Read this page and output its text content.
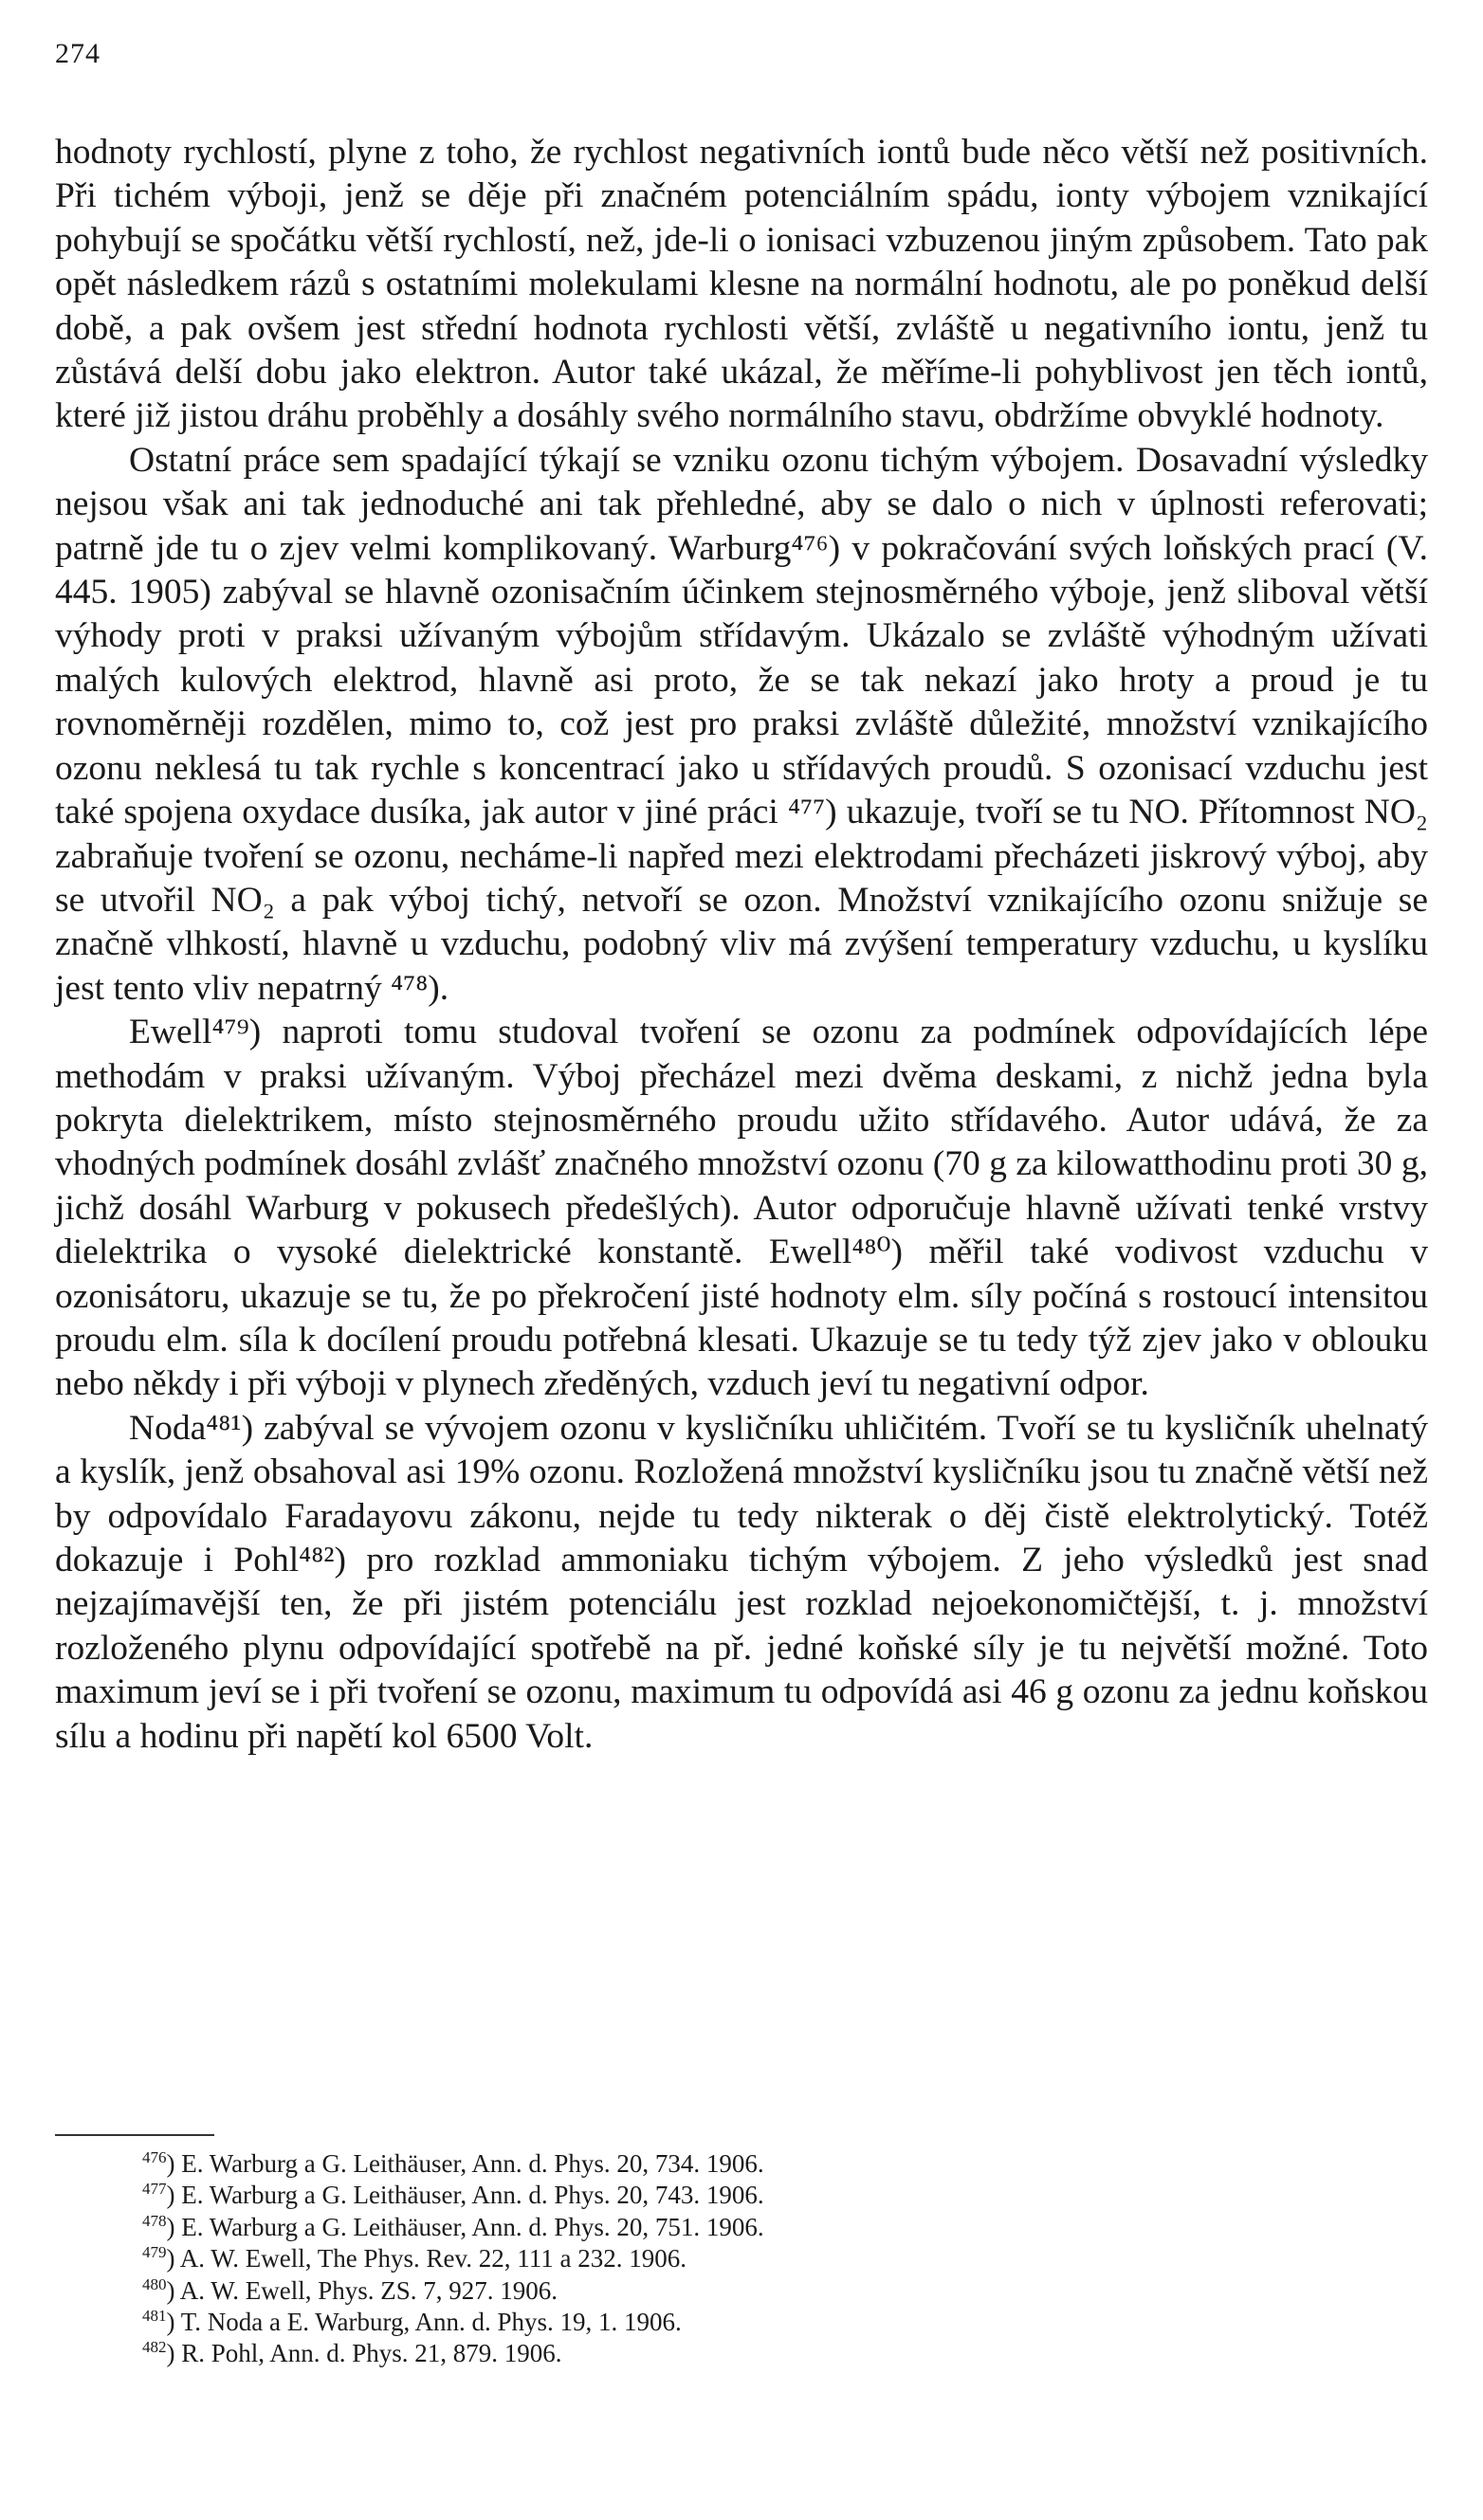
274

hodnoty rychlostí, plyne z toho, že rychlost negativních iontů bude něco větší než positivních. Při tichém výboji, jenž se děje při značném potenciálním spádu, ionty výbojem vznikající pohybují se spočátku větší rychlostí, než, jde-li o ionisaci vzbuzenou jiným způsobem. Tato pak opět následkem rázů s ostatními molekulami klesne na normální hodnotu, ale po poněkud delší době, a pak ovšem jest střední hodnota rychlosti větší, zvláště u negativního iontu, jenž tu zůstává delší dobu jako elektron. Autor také ukázal, že měříme-li pohyblivost jen těch iontů, které již jistou dráhu proběhly a dosáhly svého normálního stavu, obdržíme obvyklé hodnoty.

Ostatní práce sem spadající týkají se vzniku ozonu tichým výbojem. Dosavadní výsledky nejsou však ani tak jednoduché ani tak přehledné, aby se dalo o nich v úplnosti referovati; patrně jde tu o zjev velmi komplikovaný. Warburg⁴⁷⁶) v pokračování svých loňských prací (V. 445. 1905) zabýval se hlavně ozonisačním účinkem stejnosměrného výboje, jenž sliboval větší výhody proti v praksi užívaným výbojům střídavým. Ukázalo se zvláště výhodným užívati malých kulových elektrod, hlavně asi proto, že se tak nekazí jako hroty a proud je tu rovnoměrněji rozdělen, mimo to, což jest pro praksi zvláště důležité, množství vznikajícího ozonu neklesá tu tak rychle s koncentrací jako u střídavých proudů. S ozonisací vzduchu jest také spojena oxydace dusíka, jak autor v jiné práci ⁴⁷⁷) ukazuje, tvoří se tu NO. Přítomnost NO₂ zabraňuje tvoření se ozonu, necháme-li napřed mezi elektrodami přecházeti jiskrový výboj, aby se utvořil NO₂ a pak výboj tichý, netvoří se ozon. Množství vznikajícího ozonu snižuje se značně vlhkostí, hlavně u vzduchu, podobný vliv má zvýšení temperatury vzduchu, u kyslíku jest tento vliv nepatrný ⁴⁷⁸).

Ewell⁴⁷⁹) naproti tomu studoval tvoření se ozonu za podmínek odpovídajících lépe methodám v praksi užívaným. Výboj přecházel mezi dvěma deskami, z nichž jedna byla pokryta dielektrikem, místo stejnosměrného proudu užito střídavého. Autor udává, že za vhodných podmínek dosáhl zvlášť značného množství ozonu (70 g za kilowatthodinu proti 30 g, jichž dosáhl Warburg v pokusech předešlých). Autor odporučuje hlavně užívati tenké vrstvy dielektrika o vysoké dielektrické konstantě. Ewell⁴⁸⁰) měřil také vodivost vzduchu v ozonisátoru, ukazuje se tu, že po překročení jisté hodnoty elm. síly počíná s rostoucí intensitou proudu elm. síla k docílení proudu potřebná klesati. Ukazuje se tu tedy týž zjev jako v oblouku nebo někdy i při výboji v plynech zředěných, vzduch jeví tu negativní odpor.

Noda⁴⁸¹) zabýval se vývojem ozonu v kysličníku uhličitém. Tvoří se tu kysličník uhelnatý a kyslík, jenž obsahoval asi 19% ozonu. Rozložená množství kysličníku jsou tu značně větší než by odpovídalo Faradayovu zákonu, nejde tu tedy nikterak o děj čistě elektrolytický. Totéž dokazuje i Pohl⁴⁸²) pro rozklad ammoniaku tichým výbojem. Z jeho výsledků jest snad nejzajímavější ten, že při jistém potenciálu jest rozklad nejoekonomičtější, t. j. množství rozloženého plynu odpovídající spotřebě na př. jedné koňské síly je tu největší možné. Toto maximum jeví se i při tvoření se ozonu, maximum tu odpovídá asi 46 g ozonu za jednu koňskou sílu a hodinu při napětí kol 6500 Volt.

$^{476}$) E. Warburg a G. Leithäuser, Ann. d. Phys. 20, 734. 1906.
$^{477}$) E. Warburg a G. Leithäuser, Ann. d. Phys. 20, 743. 1906.
$^{478}$) E. Warburg a G. Leithäuser, Ann. d. Phys. 20, 751. 1906.
$^{479}$) A. W. Ewell, The Phys. Rev. 22, 111 a 232. 1906.
$^{480}$) A. W. Ewell, Phys. ZS. 7, 927. 1906.
$^{481}$) T. Noda a E. Warburg, Ann. d. Phys. 19, 1. 1906.
$^{482}$) R. Pohl, Ann. d. Phys. 21, 879. 1906.
